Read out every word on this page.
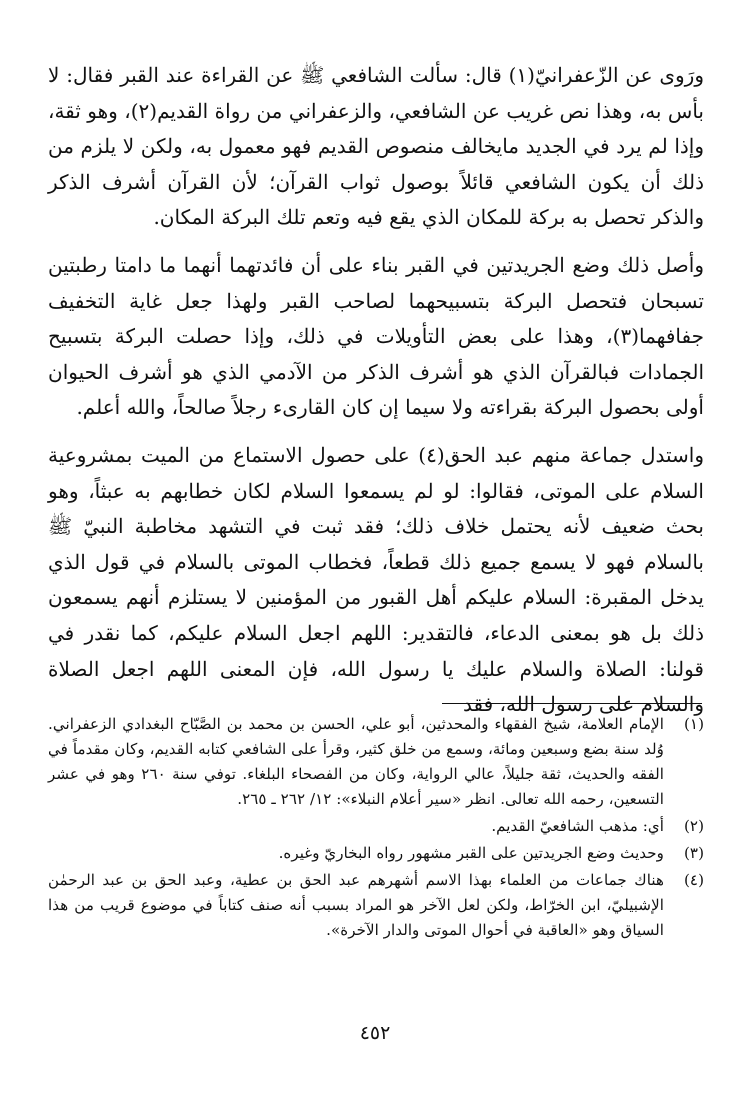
ورَوى عن الزّعفرانيّ(١) قال: سألت الشافعي ﷺ عن القراءة عند القبر فقال: لا بأس به، وهذا نص غريب عن الشافعي، والزعفراني من رواة القديم(٢)، وهو ثقة، وإذا لم يرد في الجديد مايخالف منصوص القديم فهو معمول به، ولكن لا يلزم من ذلك أن يكون الشافعي قائلاً بوصول ثواب القرآن؛ لأن القرآن أشرف الذكر والذكر تحصل به بركة للمكان الذي يقع فيه وتعم تلك البركة المكان.

وأصل ذلك وضع الجريدتين في القبر بناء على أن فائدتهما أنهما ما دامتا رطبتين تسبحان فتحصل البركة بتسبيحهما لصاحب القبر ولهذا جعل غاية التخفيف جفافهما(٣)، وهذا على بعض التأويلات في ذلك، وإذا حصلت البركة بتسبيح الجمادات فبالقرآن الذي هو أشرف الذكر من الآدمي الذي هو أشرف الحيوان أولى بحصول البركة بقراءته ولا سيما إن كان القارىء رجلاً صالحاً، والله أعلم.

واستدل جماعة منهم عبد الحق(٤) على حصول الاستماع من الميت بمشروعية السلام على الموتى، فقالوا: لو لم يسمعوا السلام لكان خطابهم به عبثاً، وهو بحث ضعيف لأنه يحتمل خلاف ذلك؛ فقد ثبت في التشهد مخاطبة النبيّ ﷺ بالسلام فهو لا يسمع جميع ذلك قطعاً، فخطاب الموتى بالسلام في قول الذي يدخل المقبرة: السلام عليكم أهل القبور من المؤمنين لا يستلزم أنهم يسمعون ذلك بل هو بمعنى الدعاء، فالتقدير: اللهم اجعل السلام عليكم، كما نقدر في قولنا: الصلاة والسلام عليك يا رسول الله، فإن المعنى اللهم اجعل الصلاة والسلام على رسول الله، فقد

(١)
الإمام العلامة، شيخ الفقهاء والمحدثين، أبو علي، الحسن بن محمد بن الصَّبّاح البغدادي الزعفراني. وُلد سنة بضع وسبعين ومائة، وسمع من خلق كثير، وقرأ على الشافعي كتابه القديم، وكان مقدماً في الفقه والحديث، ثقة جليلاً، عالي الرواية، وكان من الفصحاء البلغاء. توفي سنة ٢٦٠ وهو في عشر التسعين، رحمه الله تعالى. انظر «سير أعلام النبلاء»: ١٢/ ٢٦٢ ـ ٢٦٥.
(٢)
أي: مذهب الشافعيّ القديم.
(٣)
وحديث وضع الجريدتين على القبر مشهور رواه البخاريّ وغيره.
(٤)
هناك جماعات من العلماء بهذا الاسم أشهرهم عبد الحق بن عطية، وعبد الحق بن عبد الرحمٰن الإشبيليّ، ابن الخرّاط، ولكن لعل الآخر هو المراد بسبب أنه صنف كتاباً في موضوع قريب من هذا السياق وهو «العاقبة في أحوال الموتى والدار الآخرة».
٤٥٢
